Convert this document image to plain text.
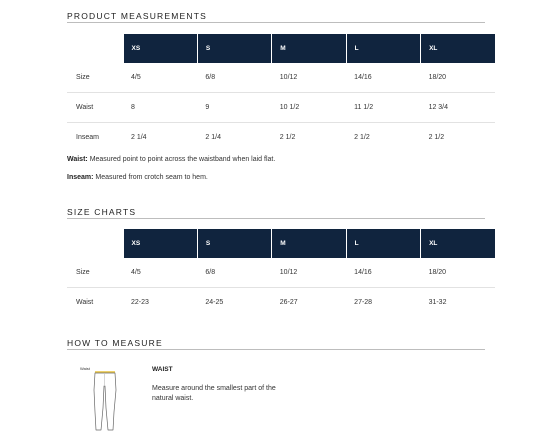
PRODUCT MEASUREMENTS
	XS	S	M	L	XL
Size	4/5	6/8	10/12	14/16	18/20
Waist	8	9	10 1/2	11 1/2	12 3/4
Inseam	2 1/4	2 1/4	2 1/2	2 1/2	2 1/2
Waist: Measured point to point across the waistband when laid flat.
Inseam: Measured from crotch seam to hem.
SIZE CHARTS
	XS	S	M	L	XL
Size	4/5	6/8	10/12	14/16	18/20
Waist	22-23	24-25	26-27	27-28	31-32
HOW TO MEASURE
Waist	WAIST
Measure around the smallest part of the natural waist.
